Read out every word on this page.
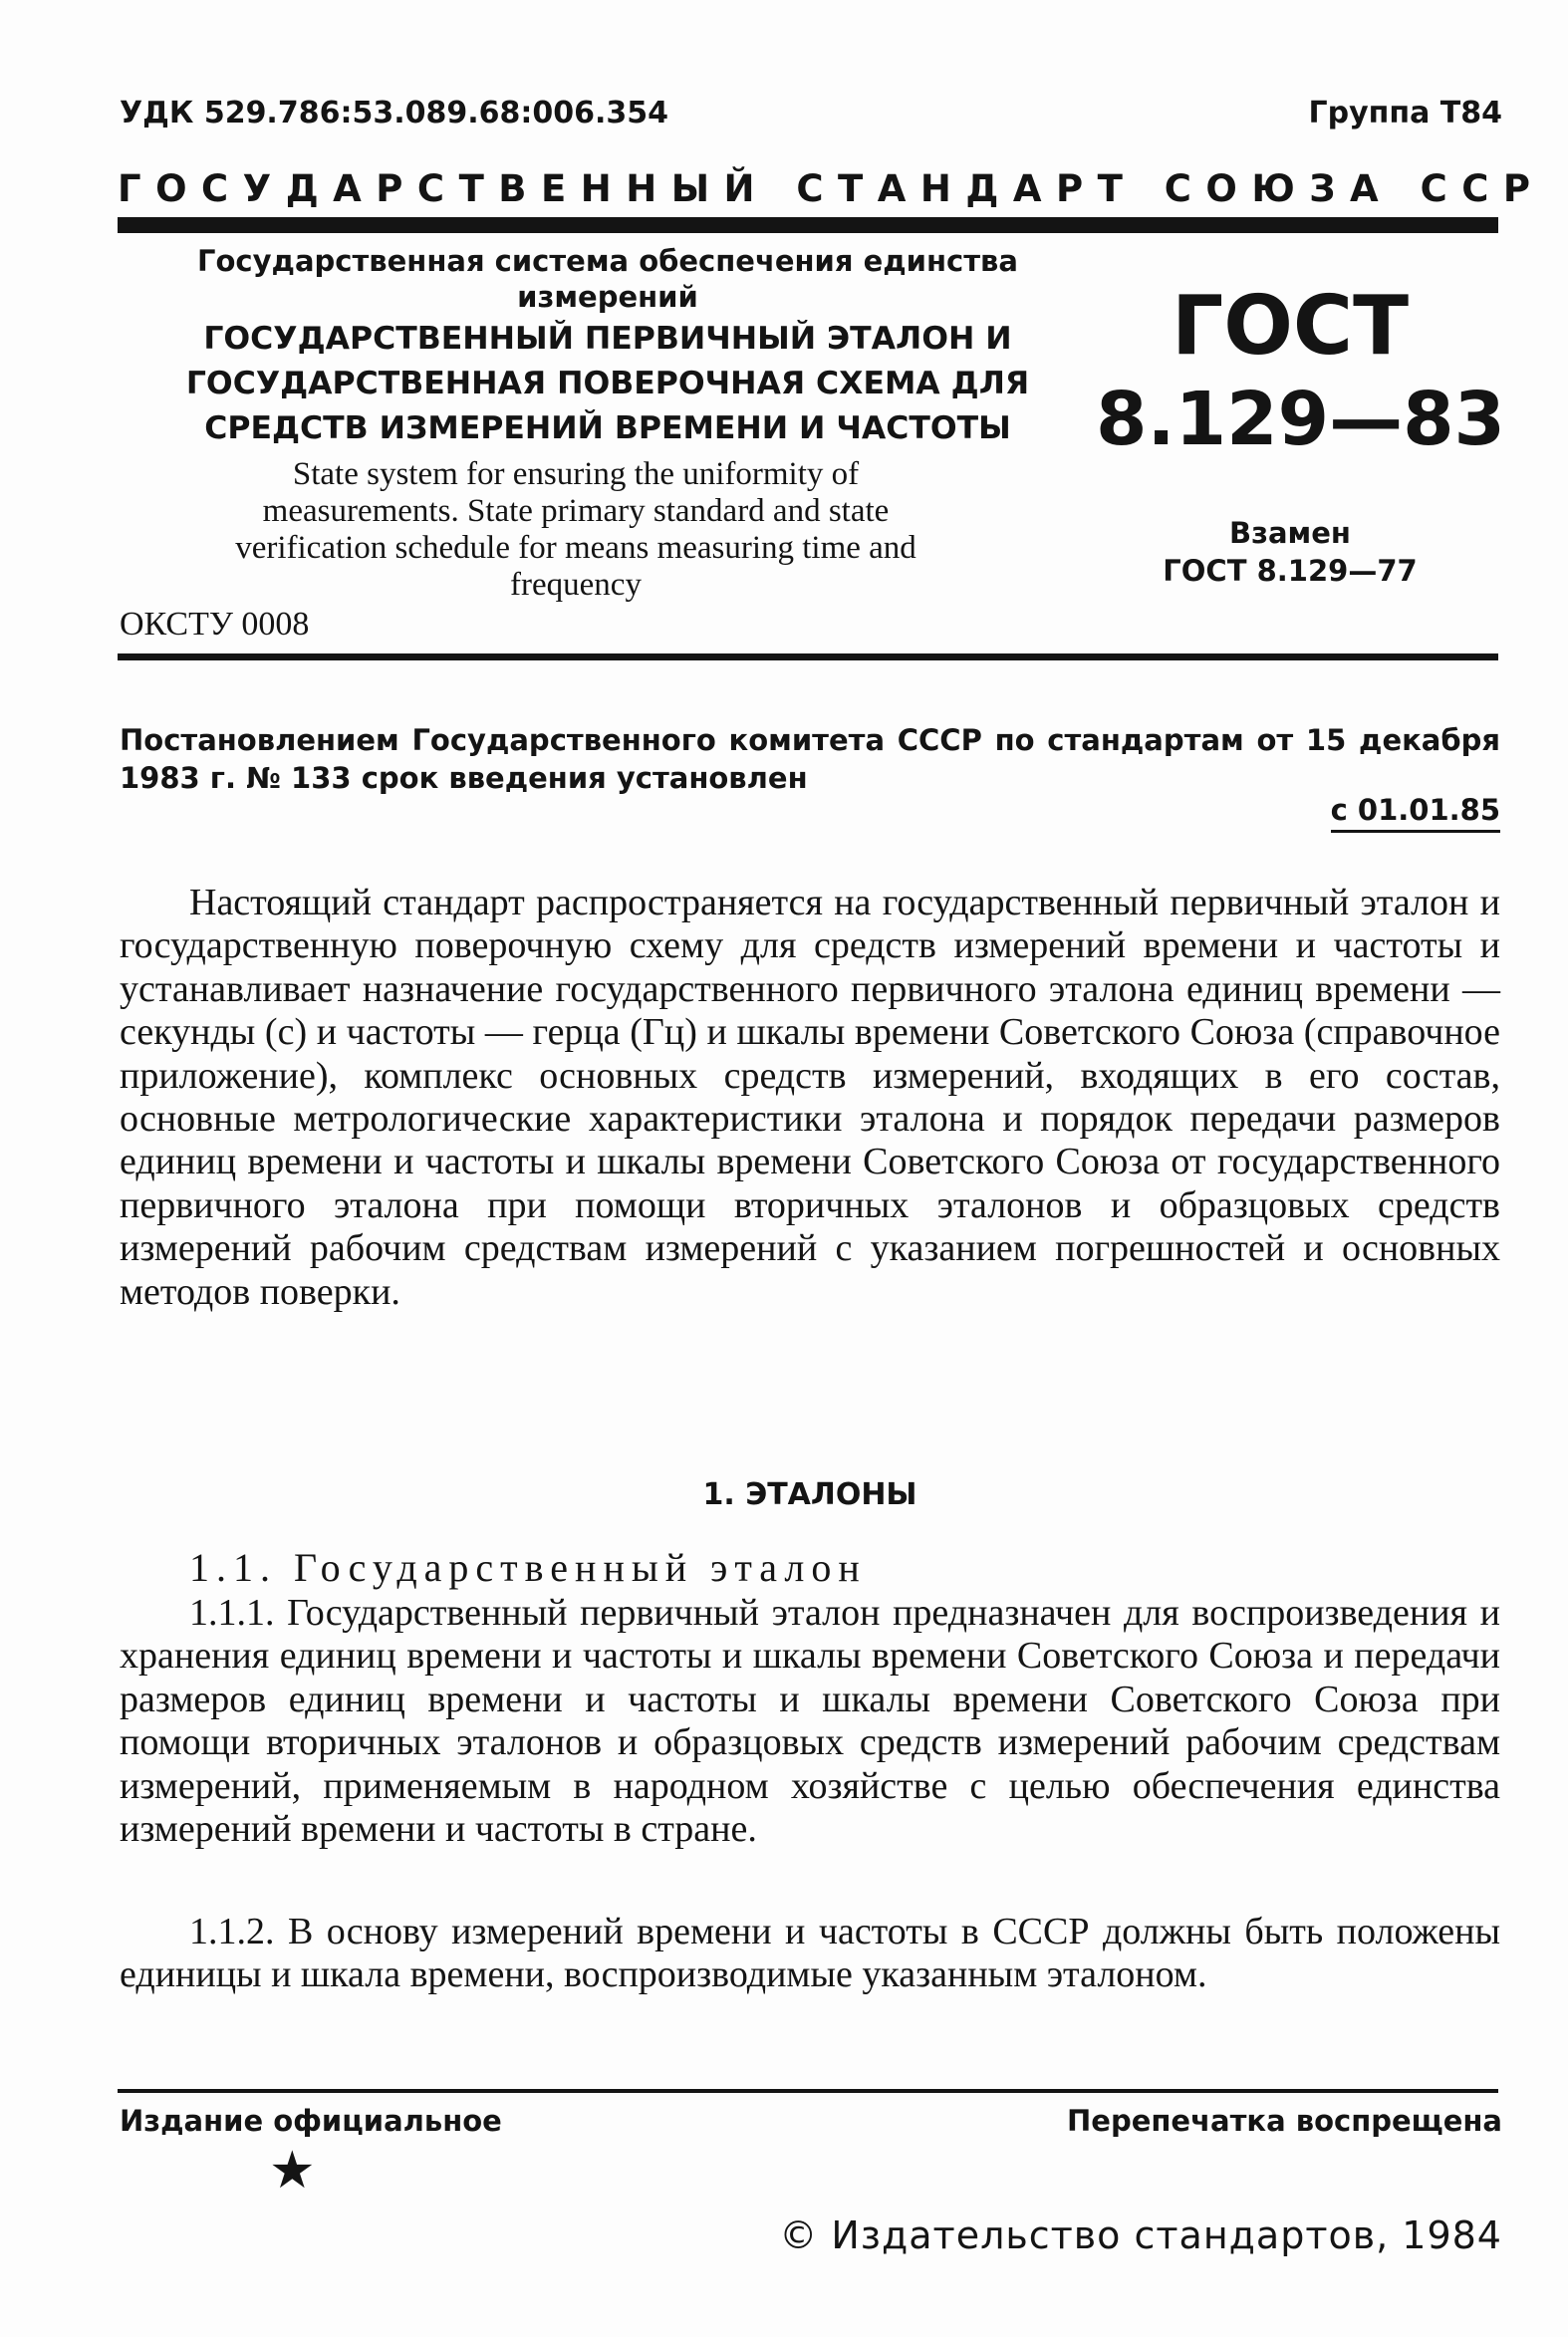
УДК 529.786:53.089.68:006.354	Группа Т84
ГОСУДАРСТВЕННЫЙ СТАНДАРТ СОЮЗА ССР
Государственная система обеспечения единства
измерений
ГОСУДАРСТВЕННЫЙ ПЕРВИЧНЫЙ ЭТАЛОН И
ГОСУДАРСТВЕННАЯ ПОВЕРОЧНАЯ СХЕМА ДЛЯ
СРЕДСТВ ИЗМЕРЕНИЙ ВРЕМЕНИ И ЧАСТОТЫ
State system for ensuring the uniformity of
measurements. State primary standard and state
verification schedule for means measuring time and
frequency
ОКСТУ 0008
ГОСТ
8.129—83
Взамен
ГОСТ 8.129—77
Постановлением Государственного комитета СССР по стандартам от 15 декабря 1983 г. № 133 срок введения установлен
с 01.01.85

Настоящий стандарт распространяется на государственный первичный эталон и государственную поверочную схему для средств измерений времени и частоты и устанавливает назначение государственного первичного эталона единиц времени — секунды (с) и частоты — герца (Гц) и шкалы времени Советского Союза (справочное приложение), комплекс основных средств измерений, входящих в его состав, основные метрологические характеристики эталона и порядок передачи размеров единиц времени и частоты и шкалы времени Советского Союза от государственного первичного эталона при помощи вторичных эталонов и образцовых средств измерений рабочим средствам измерений с указанием погрешностей и основных методов поверки.

1. ЭТАЛОНЫ
1.1. Государственный эталон

1.1.1. Государственный первичный эталон предназначен для воспроизведения и хранения единиц времени и частоты и шкалы времени Советского Союза и передачи размеров единиц времени и частоты и шкалы времени Советского Союза при помощи вторичных эталонов и образцовых средств измерений рабочим средствам измерений, применяемым в народном хозяйстве с целью обеспечения единства измерений времени и частоты в стране.

1.1.2. В основу измерений времени и частоты в СССР должны быть положены единицы и шкала времени, воспроизводимые указанным эталоном.

Издание официальное	Перепечатка воспрещена
★
© Издательство стандартов, 1984
